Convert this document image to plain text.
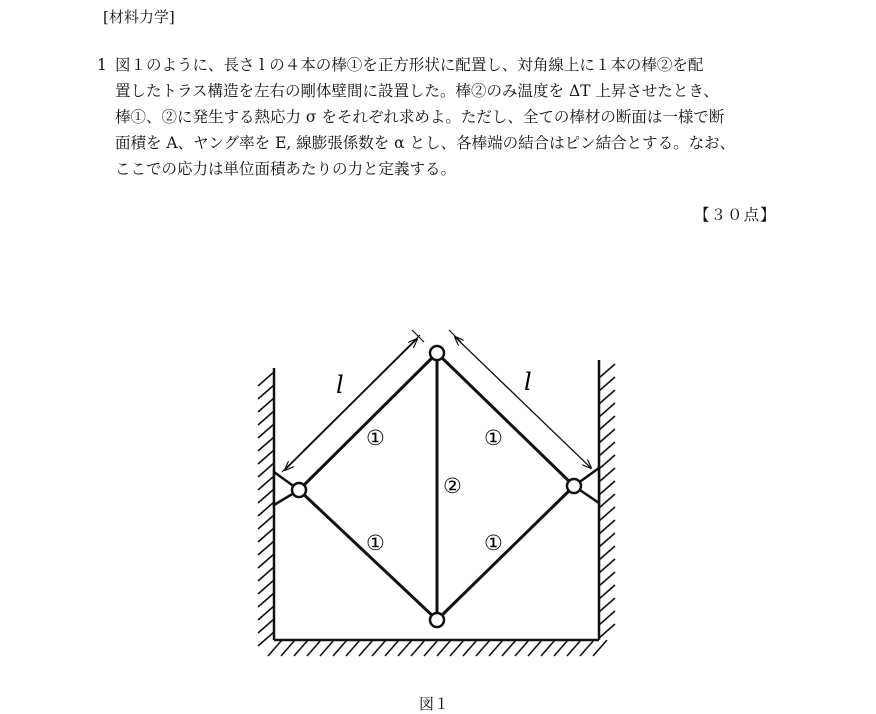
[材料力学]
1 図１のように、長さ l の４本の棒①を正方形状に配置し、対角線上に１本の棒②を配
置したトラス構造を左右の剛体壁間に設置した。棒②のみ温度を ΔT 上昇させたとき、
棒①、②に発生する熱応力 σ をそれぞれ求めよ。ただし、全ての棒材の断面は一様で断
面積を A、ヤング率を E, 線膨張係数を α とし、各棒端の結合はピン結合とする。なお、
ここでの応力は単位面積あたりの力と定義する。
【３０点】
l	l
①	①
②
①	①
図１
